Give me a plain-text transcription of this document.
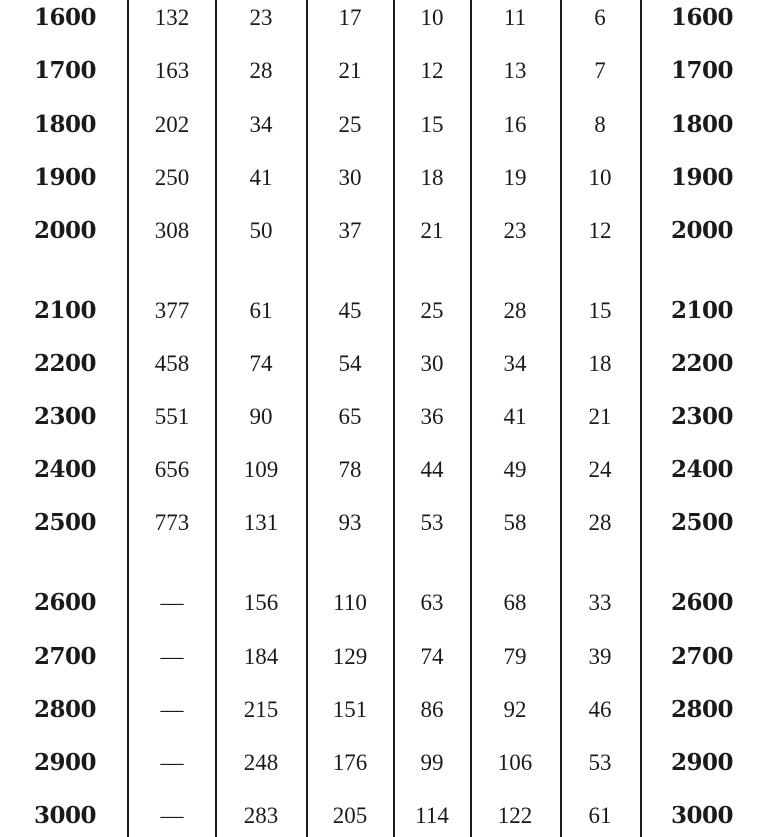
1600	132	23	17	10	11	6	1600
1700	163	28	21	12	13	7	1700
1800	202	34	25	15	16	8	1800
1900	250	41	30	18	19	10	1900
2000	308	50	37	21	23	12	2000
2100	377	61	45	25	28	15	2100
2200	458	74	54	30	34	18	2200
2300	551	90	65	36	41	21	2300
2400	656	109	78	44	49	24	2400
2500	773	131	93	53	58	28	2500
2600	—	156	110	63	68	33	2600
2700	—	184	129	74	79	39	2700
2800	—	215	151	86	92	46	2800
2900	—	248	176	99	106	53	2900
3000	—	283	205	114	122	61	3000
